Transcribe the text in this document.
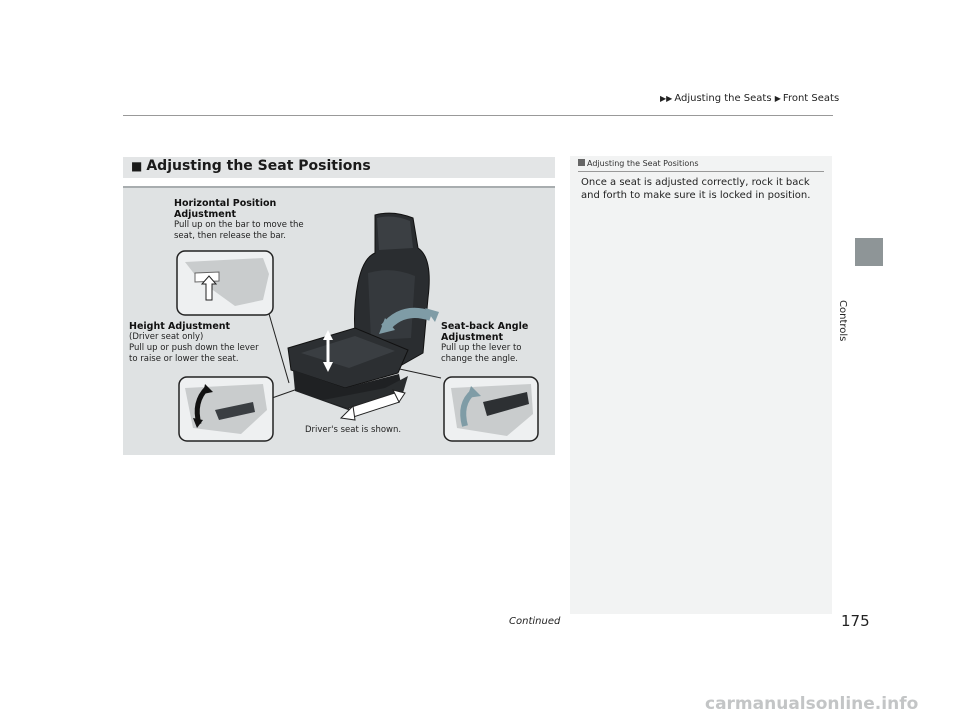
▶▶ Adjusting the Seats ▶ Front Seats
Controls
■ Adjusting the Seat Positions
Horizontal Position
Adjustment
Pull up on the bar to move the
seat, then release the bar.
Height Adjustment
(Driver seat only)
Pull up or push down the lever
to raise or lower the seat.
Seat-back Angle
Adjustment
Pull up the lever to
change the angle.
Driver's seat is shown.
Adjusting the Seat Positions
Once a seat is adjusted correctly, rock it back and forth to make sure it is locked in position.
Continued	175
carmanualsonline.info
